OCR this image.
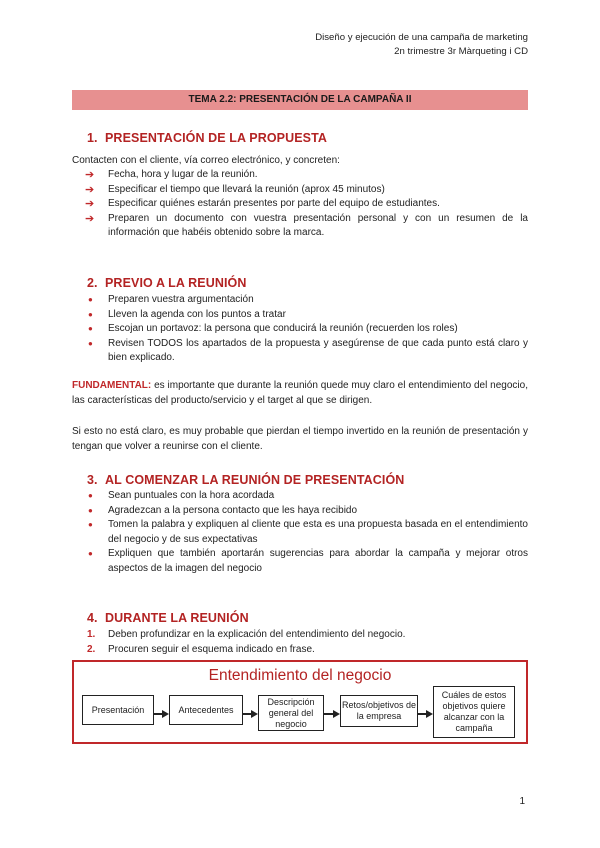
Diseño y ejecución de una campaña de marketing
2n trimestre 3r Màrqueting i CD
TEMA 2.2: PRESENTACIÓN DE LA CAMPAÑA II
1. PRESENTACIÓN DE LA PROPUESTA
Contacten con el cliente, vía correo electrónico, y concreten:
➔ Fecha, hora y lugar de la reunión.
➔ Especificar el tiempo que llevará la reunión (aprox 45 minutos)
➔ Especificar quiénes estarán presentes por parte del equipo de estudiantes.
➔ Preparen un documento con vuestra presentación personal y con un resumen de la información que habéis obtenido sobre la marca.
2. PREVIO A LA REUNIÓN
● Preparen vuestra argumentación
● Lleven la agenda con los puntos a tratar
● Escojan un portavoz: la persona que conducirá la reunión (recuerden los roles)
● Revisen TODOS los apartados de la propuesta y asegúrense de que cada punto está claro y bien explicado.
FUNDAMENTAL: es importante que durante la reunión quede muy claro el entendimiento del negocio, las características del producto/servicio y el target al que se dirigen.
Si esto no está claro, es muy probable que pierdan el tiempo invertido en la reunión de presentación y tengan que volver a reunirse con el cliente.
3. AL COMENZAR LA REUNIÓN DE PRESENTACIÓN
● Sean puntuales con la hora acordada
● Agradezcan a la persona contacto que les haya recibido
● Tomen la palabra y expliquen al cliente que esta es una propuesta basada en el entendimiento del negocio y de sus expectativas
● Expliquen que también aportarán sugerencias para abordar la campaña y mejorar otros aspectos de la imagen del negocio
4. DURANTE LA REUNIÓN
1. Deben profundizar en la explicación del entendimiento del negocio.
2. Procuren seguir el esquema indicado en frase.
Entendimiento del negocio
Presentación	Antecedentes
Descripción general del negocio
Retos/objetivos de la empresa
Cuáles de estos objetivos quiere alcanzar con la campaña
1
